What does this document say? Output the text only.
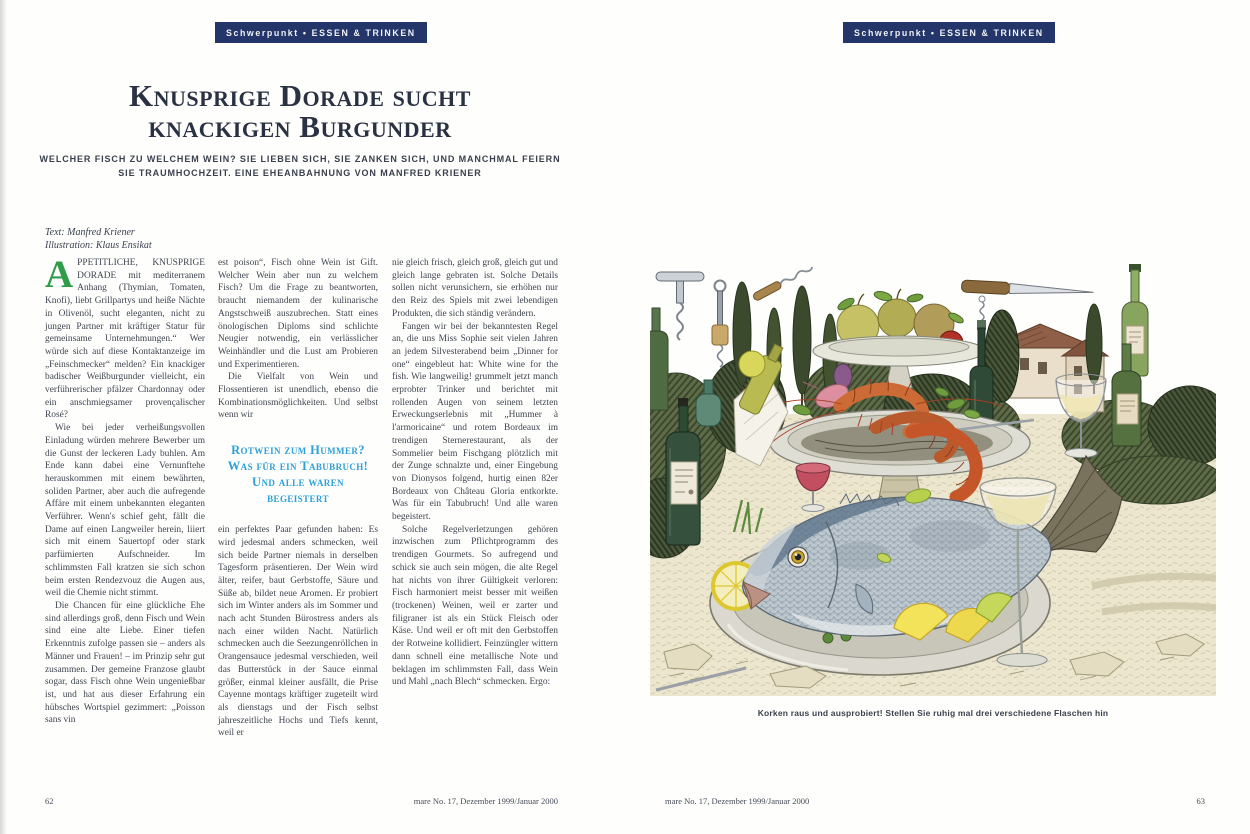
Schwerpunkt • ESSEN & TRINKEN
Knusprige Dorade sucht
knackigen Burgunder
WELCHER FISCH ZU WELCHEM WEIN? SIE LIEBEN SICH, SIE ZANKEN SICH, UND MANCHMAL FEIERN
SIE TRAUMHOCHZEIT. EINE EHEANBAHNUNG VON MANFRED KRIENER
Text: Manfred Kriener
Illustration: Klaus Ensikat

APPETITLICHE, KNUSPRIGE DORADE mit mediterranem Anhang (Thymian, Tomaten, Knofi), liebt Grillpartys und heiße Nächte in Olivenöl, sucht eleganten, nicht zu jungen Partner mit kräftiger Statur für gemeinsame Unternehmungen.“ Wer würde sich auf diese Kontaktanzeige im „Feinschmecker“ melden? Ein knackiger badischer Weißburgunder vielleicht, ein verführerischer pfälzer Chardonnay oder ein anschmiegsamer provençalischer Rosé?

Wie bei jeder verheißungsvollen Einladung würden mehrere Bewerber um die Gunst der leckeren Lady buhlen. Am Ende kann dabei eine Vernunftehe herauskommen mit einem bewährten, soliden Partner, aber auch die aufregende Affäre mit einem unbekannten eleganten Verführer. Wenn's schief geht, fällt die Dame auf einen Langweiler herein, liiert sich mit einem Sauertopf oder stark parfümierten Aufschneider. Im schlimmsten Fall kratzen sie sich schon beim ersten Rendezvouz die Augen aus, weil die Chemie nicht stimmt.

Die Chancen für eine glückliche Ehe sind allerdings groß, denn Fisch und Wein sind eine alte Liebe. Einer tiefen Erkenntnis zufolge passen sie – anders als Männer und Frauen! – im Prinzip sehr gut zusammen. Der gemeine Franzose glaubt sogar, dass Fisch ohne Wein ungenießbar ist, und hat aus dieser Erfahrung ein hübsches Wortspiel gezimmert: „Poisson sans vin

est poison“, Fisch ohne Wein ist Gift. Welcher Wein aber nun zu welchem Fisch? Um die Frage zu beantworten, braucht niemandem der kulinarische Angstschweiß auszubrechen. Statt eines önologischen Diploms sind schlichte Neugier notwendig, ein verlässlicher Weinhändler und die Lust am Probieren und Experimentieren.

Die Vielfalt von Wein und Flossentieren ist unendlich, ebenso die Kombinationsmöglichkeiten. Und selbst wenn wir

Rotwein zum Hummer?
Was für ein Tabubruch!
Und alle waren begeistert

ein perfektes Paar gefunden haben: Es wird jedesmal anders schmecken, weil sich beide Partner niemals in derselben Tagesform präsentieren. Der Wein wird älter, reifer, baut Gerbstoffe, Säure und Süße ab, bildet neue Aromen. Er probiert sich im Winter anders als im Sommer und nach acht Stunden Bürostress anders als nach einer wilden Nacht. Natürlich schmecken auch die Seezungenröllchen in Orangensauce jedesmal verschieden, weil das Butterstück in der Sauce einmal größer, einmal kleiner ausfällt, die Prise Cayenne montags kräftiger zugeteilt wird als dienstags und der Fisch selbst jahreszeitliche Hochs und Tiefs kennt, weil er

nie gleich frisch, gleich groß, gleich gut und gleich lange gebraten ist. Solche Details sollen nicht verunsichern, sie erhöhen nur den Reiz des Spiels mit zwei lebendigen Produkten, die sich ständig verändern.

Fangen wir bei der bekanntesten Regel an, die uns Miss Sophie seit vielen Jahren an jedem Silvesterabend beim „Dinner for one“ eingebleut hat: White wine for the fish. Wie langweilig! grummelt jetzt manch erprobter Trinker und berichtet mit rollenden Augen von seinem letzten Erweckungserlebnis mit „Hummer à l'armoricaine“ und rotem Bordeaux im trendigen Sternerestaurant, als der Sommelier beim Fischgang plötzlich mit der Zunge schnalzte und, einer Eingebung von Dionysos folgend, hurtig einen 82er Bordeaux von Château Gloria entkorkte. Was für ein Tabubruch! Und alle waren begeistert.

Solche Regelverletzungen gehören inzwischen zum Pflichtprogramm des trendigen Gourmets. So aufregend und schick sie auch sein mögen, die alte Regel hat nichts von ihrer Gültigkeit verloren: Fisch harmoniert meist besser mit weißen (trockenen) Weinen, weil er zarter und filigraner ist als ein Stück Fleisch oder Käse. Und weil er oft mit den Gerbstoffen der Rotweine kollidiert. Feinzüngler wittern dann schnell eine metallische Note und beklagen im schlimmsten Fall, dass Wein und Mahl „nach Blech“ schmecken. Ergo:

62	mare No. 17, Dezember 1999/Januar 2000
Schwerpunkt • ESSEN & TRINKEN
Korken raus und ausprobiert! Stellen Sie ruhig mal drei verschiedene Flaschen hin
mare No. 17, Dezember 1999/Januar 2000	63
